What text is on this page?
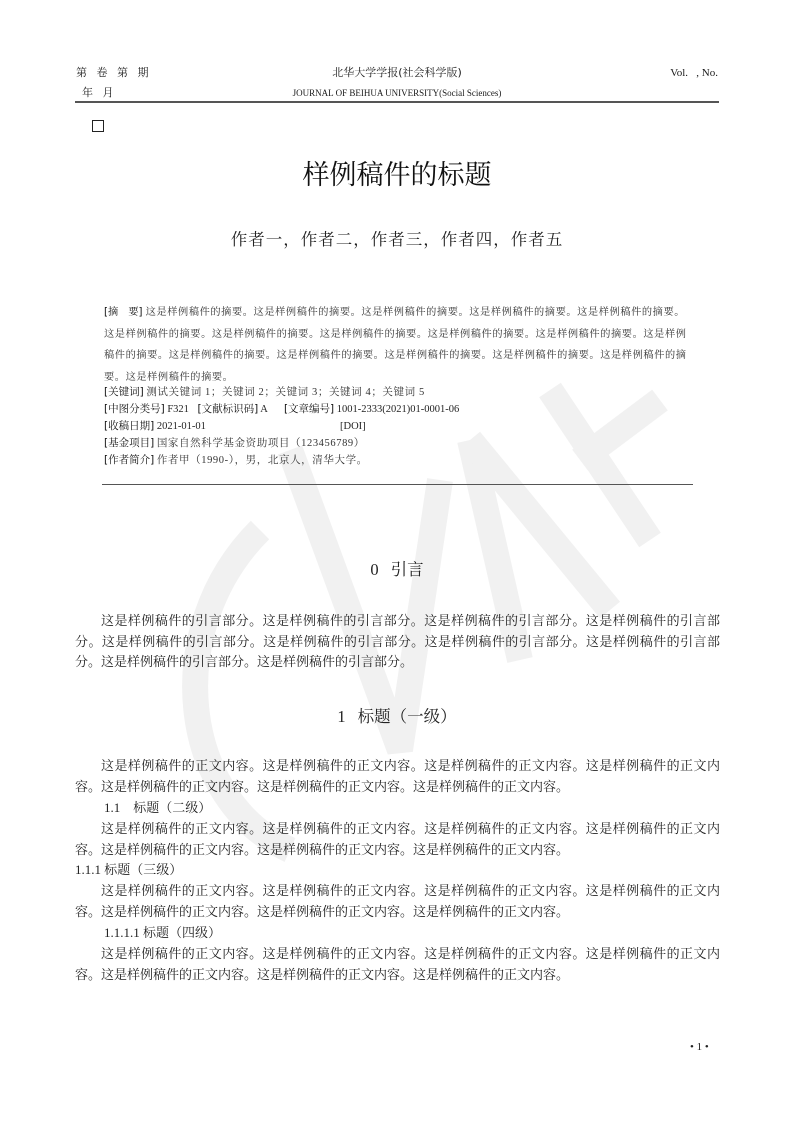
第 卷 第 期
年 月
北华大学学报(社会科学版)
JOURNAL OF BEIHUA UNIVERSITY(Social Sciences)
Vol.   , No.
样例稿件的标题
作者一，作者二，作者三，作者四，作者五
[摘　要] 这是样例稿件的摘要。这是样例稿件的摘要。这是样例稿件的摘要。这是样例稿件的摘要。这是样例稿件的摘要。这是样例稿件的摘要。这是样例稿件的摘要。这是样例稿件的摘要。这是样例稿件的摘要。这是样例稿件的摘要。这是样例稿件的摘要。这是样例稿件的摘要。这是样例稿件的摘要。这是样例稿件的摘要。这是样例稿件的摘要。这是样例稿件的摘要。这是样例稿件的摘要。
[关键词] 测试关键词 1；关键词 2；关键词 3；关键词 4；关键词 5
[中图分类号] F321 [文献标识码] A [文章编号] 1001-2333(2021)01-0001-06
[收稿日期] 2021-01-01	[DOI]
[基金项目] 国家自然科学基金资助项目（123456789）
[作者简介] 作者甲（1990-），男，北京人，清华大学。
0 引言
这是样例稿件的引言部分。这是样例稿件的引言部分。这是样例稿件的引言部分。这是样例稿件的引言部分。这是样例稿件的引言部分。这是样例稿件的引言部分。这是样例稿件的引言部分。这是样例稿件的引言部分。这是样例稿件的引言部分。这是样例稿件的引言部分。
1 标题（一级）
这是样例稿件的正文内容。这是样例稿件的正文内容。这是样例稿件的正文内容。这是样例稿件的正文内容。这是样例稿件的正文内容。这是样例稿件的正文内容。这是样例稿件的正文内容。
1.1　标题（二级）
这是样例稿件的正文内容。这是样例稿件的正文内容。这是样例稿件的正文内容。这是样例稿件的正文内容。这是样例稿件的正文内容。这是样例稿件的正文内容。这是样例稿件的正文内容。
1.1.1 标题（三级）
这是样例稿件的正文内容。这是样例稿件的正文内容。这是样例稿件的正文内容。这是样例稿件的正文内容。这是样例稿件的正文内容。这是样例稿件的正文内容。这是样例稿件的正文内容。
1.1.1.1 标题（四级）
这是样例稿件的正文内容。这是样例稿件的正文内容。这是样例稿件的正文内容。这是样例稿件的正文内容。这是样例稿件的正文内容。这是样例稿件的正文内容。这是样例稿件的正文内容。
• 1 •
